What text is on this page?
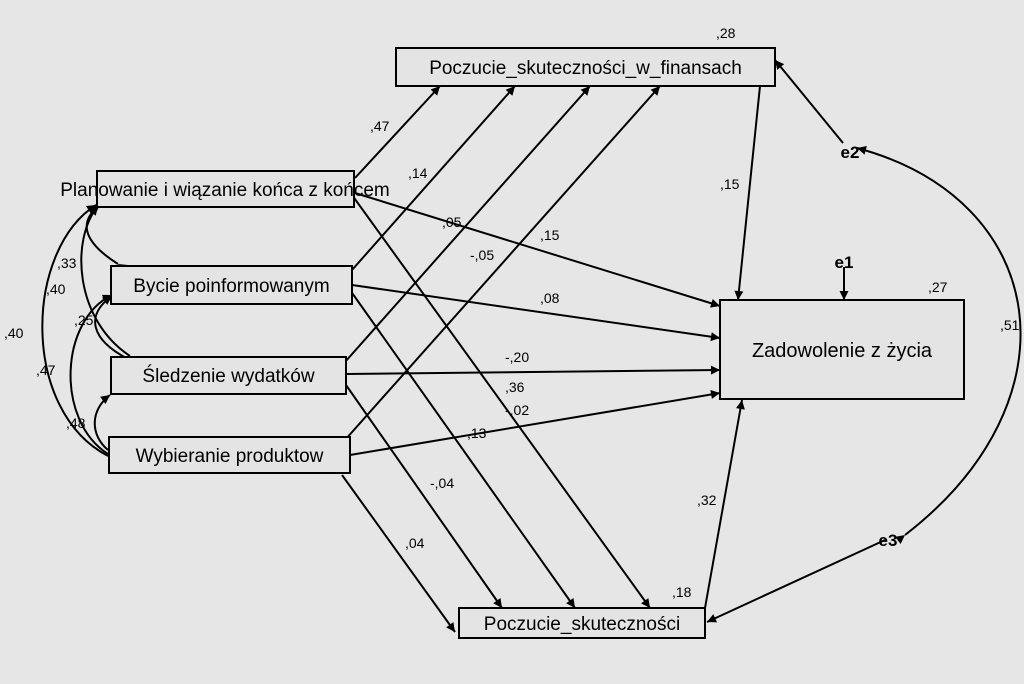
Poczucie_skuteczności_w_finansach
Planowanie i wiązanie końca z końcem
Bycie poinformowanym
Śledzenie wydatków
Wybieranie produktow
Zadowolenie z życia
Poczucie_skuteczności
e1
e2
e3
,28
,27
,18
,47
,14
,05
,15
-,05
,08
-,20
,36
-,02
,13
-,04
,04
,15
,32
,33
,40
,40
,25
,47
,48
,51
